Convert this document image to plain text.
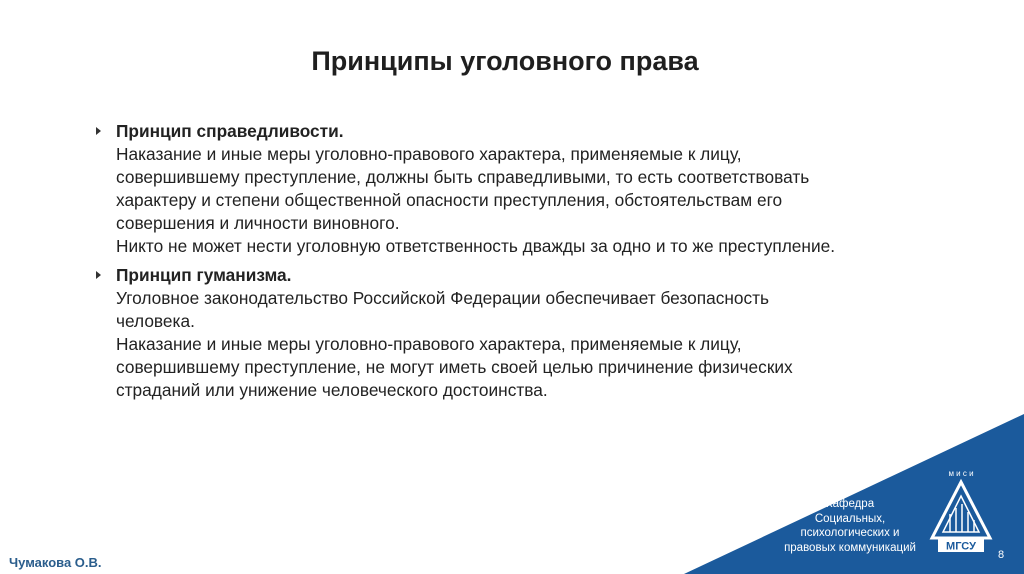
Принципы уголовного права
Принцип справедливости.
Наказание и иные меры уголовно-правового характера, применяемые к лицу,
совершившему преступление, должны быть справедливыми, то есть соответствовать
характеру и степени общественной опасности преступления, обстоятельствам его
совершения и личности виновного.
Никто не может нести уголовную ответственность дважды за одно и то же преступление.
Принцип гуманизма.
Уголовное законодательство Российской Федерации обеспечивает безопасность
человека.
Наказание и иные меры уголовно-правового характера, применяемые к лицу,
совершившему преступление, не могут иметь своей целью причинение физических
страданий или унижение человеческого достоинства.
Кафедра
Социальных,
психологических и
правовых коммуникаций
м и с и
МГСУ
8
Чумакова О.В.
